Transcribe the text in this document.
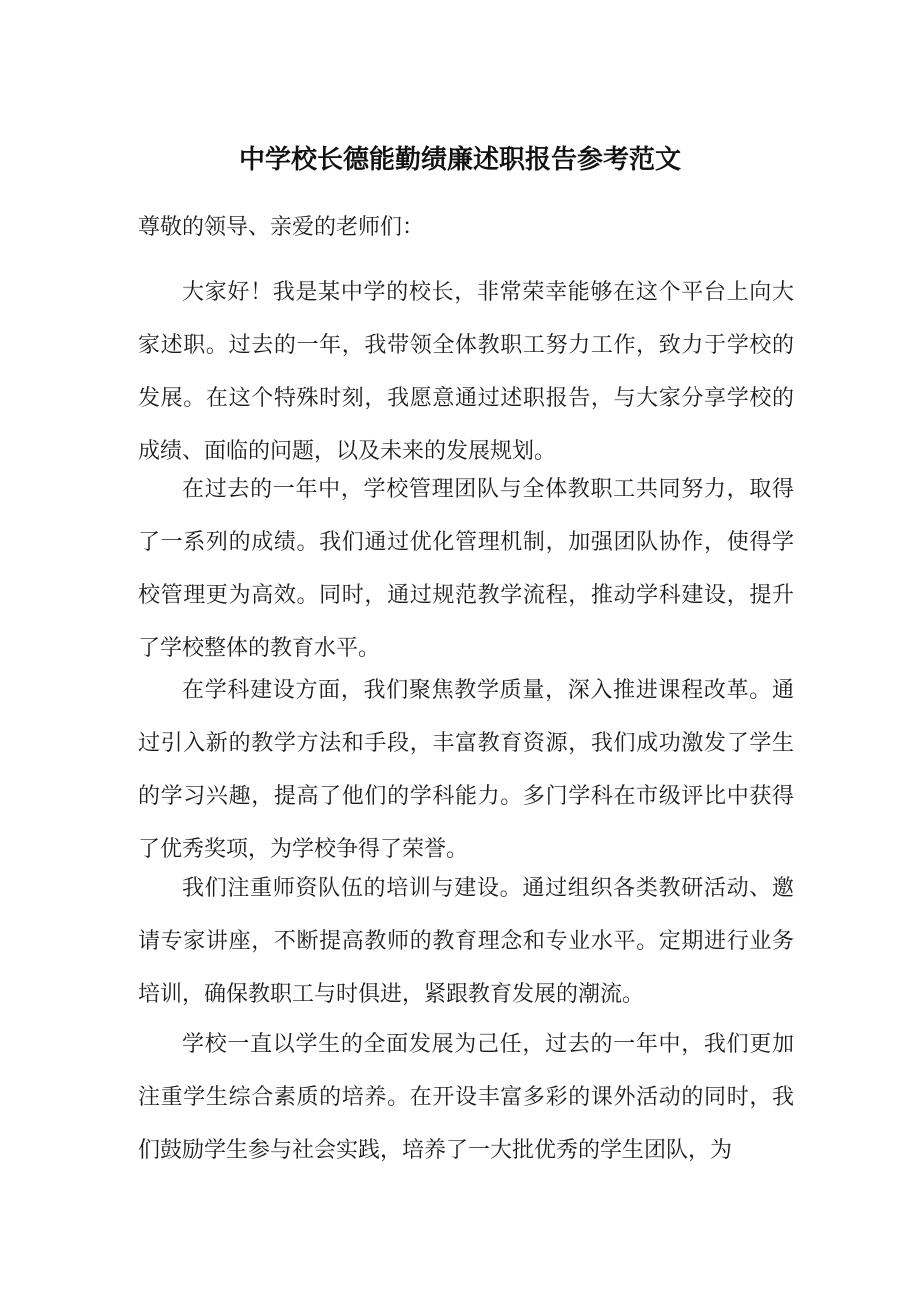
中学校长德能勤绩廉述职报告参考范文
尊敬的领导、亲爱的老师们：

大家好！我是某中学的校长，非常荣幸能够在这个平台上向大家述职。过去的一年，我带领全体教职工努力工作，致力于学校的发展。在这个特殊时刻，我愿意通过述职报告，与大家分享学校的成绩、面临的问题，以及未来的发展规划。

在过去的一年中，学校管理团队与全体教职工共同努力，取得了一系列的成绩。我们通过优化管理机制，加强团队协作，使得学校管理更为高效。同时，通过规范教学流程，推动学科建设，提升了学校整体的教育水平。

在学科建设方面，我们聚焦教学质量，深入推进课程改革。通过引入新的教学方法和手段，丰富教育资源，我们成功激发了学生的学习兴趣，提高了他们的学科能力。多门学科在市级评比中获得了优秀奖项，为学校争得了荣誉。

我们注重师资队伍的培训与建设。通过组织各类教研活动、邀请专家讲座，不断提高教师的教育理念和专业水平。定期进行业务培训，确保教职工与时俱进，紧跟教育发展的潮流。

学校一直以学生的全面发展为己任，过去的一年中，我们更加注重学生综合素质的培养。在开设丰富多彩的课外活动的同时，我们鼓励学生参与社会实践，培养了一大批优秀的学生团队，为
